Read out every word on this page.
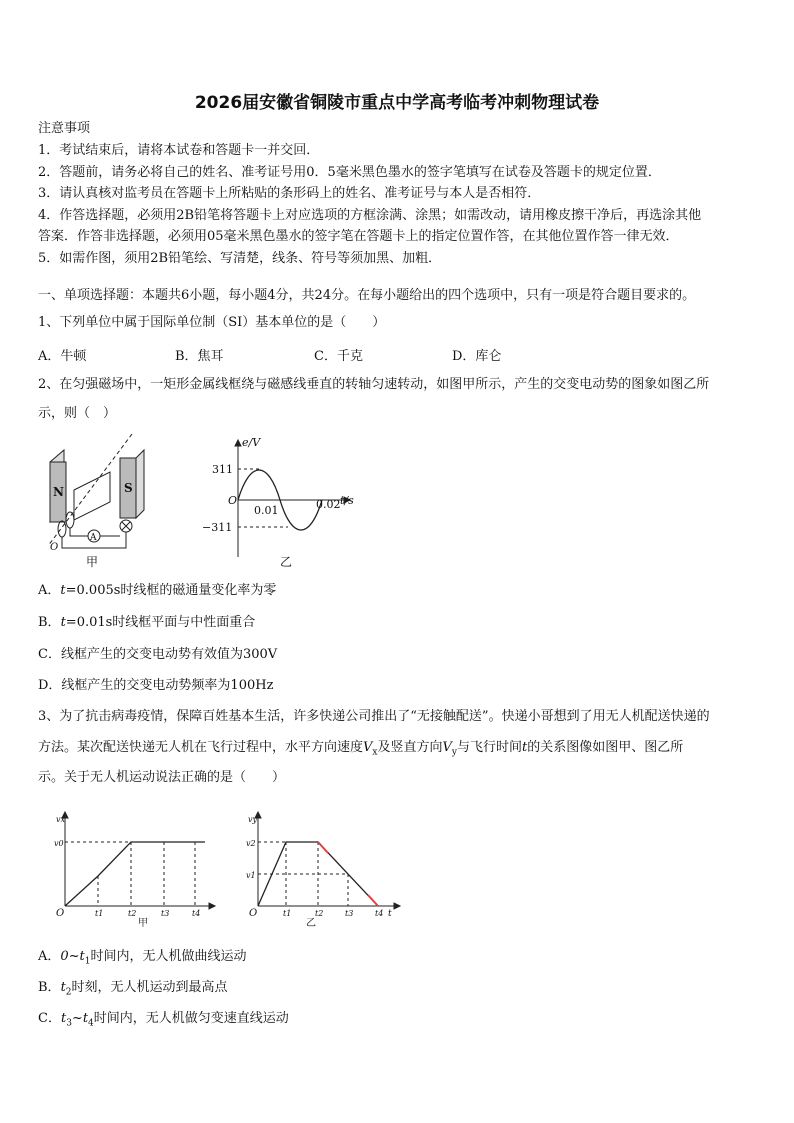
2026届安徽省铜陵市重点中学高考临考冲刺物理试卷
注意事项
1．考试结束后，请将本试卷和答题卡一并交回．
2．答题前，请务必将自己的姓名、准考证号用0．5毫米黑色墨水的签字笔填写在试卷及答题卡的规定位置．
3．请认真核对监考员在答题卡上所粘贴的条形码上的姓名、准考证号与本人是否相符．
4．作答选择题，必须用2B铅笔将答题卡上对应选项的方框涂满、涂黑；如需改动，请用橡皮擦干净后，再选涂其他
答案．作答非选择题，必须用05毫米黑色墨水的签字笔在答题卡上的指定位置作答，在其他位置作答一律无效．
5．如需作图，须用2B铅笔绘、写清楚，线条、符号等须加黑、加粗．
一、单项选择题：本题共6小题，每小题4分，共24分。在每小题给出的四个选项中，只有一项是符合题目要求的。
1、下列单位中属于国际单位制（SI）基本单位的是（　　）
A．牛顿	B．焦耳	C．千克	D．库仑
2、在匀强磁场中，一矩形金属线框绕与磁感线垂直的转轴匀速转动，如图甲所示，产生的交变电动势的图象如图乙所
示，则（　）
N	S
A
O
甲
e/V
311
O
0.01	0.02 t/s
−311
乙
A．t=0.005s时线框的磁通量变化率为零
B．t=0.01s时线框平面与中性面重合
C．线框产生的交变电动势有效值为300V
D．线框产生的交变电动势频率为100Hz
3、为了抗击病毒疫情，保障百姓基本生活，许多快递公司推出了“无接触配送”。快递小哥想到了用无人机配送快递的
方法。某次配送快递无人机在飞行过程中，水平方向速度$V_x$及竖直方向$V_y$与飞行时间t的关系图像如图甲、图乙所
示。关于无人机运动说法正确的是（　　）
vx
v0
O	t1	t2	t3	t4
甲
vy
v2
v1
O	t1	t2	t3	t4 t
乙
A．$0\sim t_1$时间内，无人机做曲线运动
B．$t_2$时刻，无人机运动到最高点
C．$t_3\sim t_4$时间内，无人机做匀变速直线运动
